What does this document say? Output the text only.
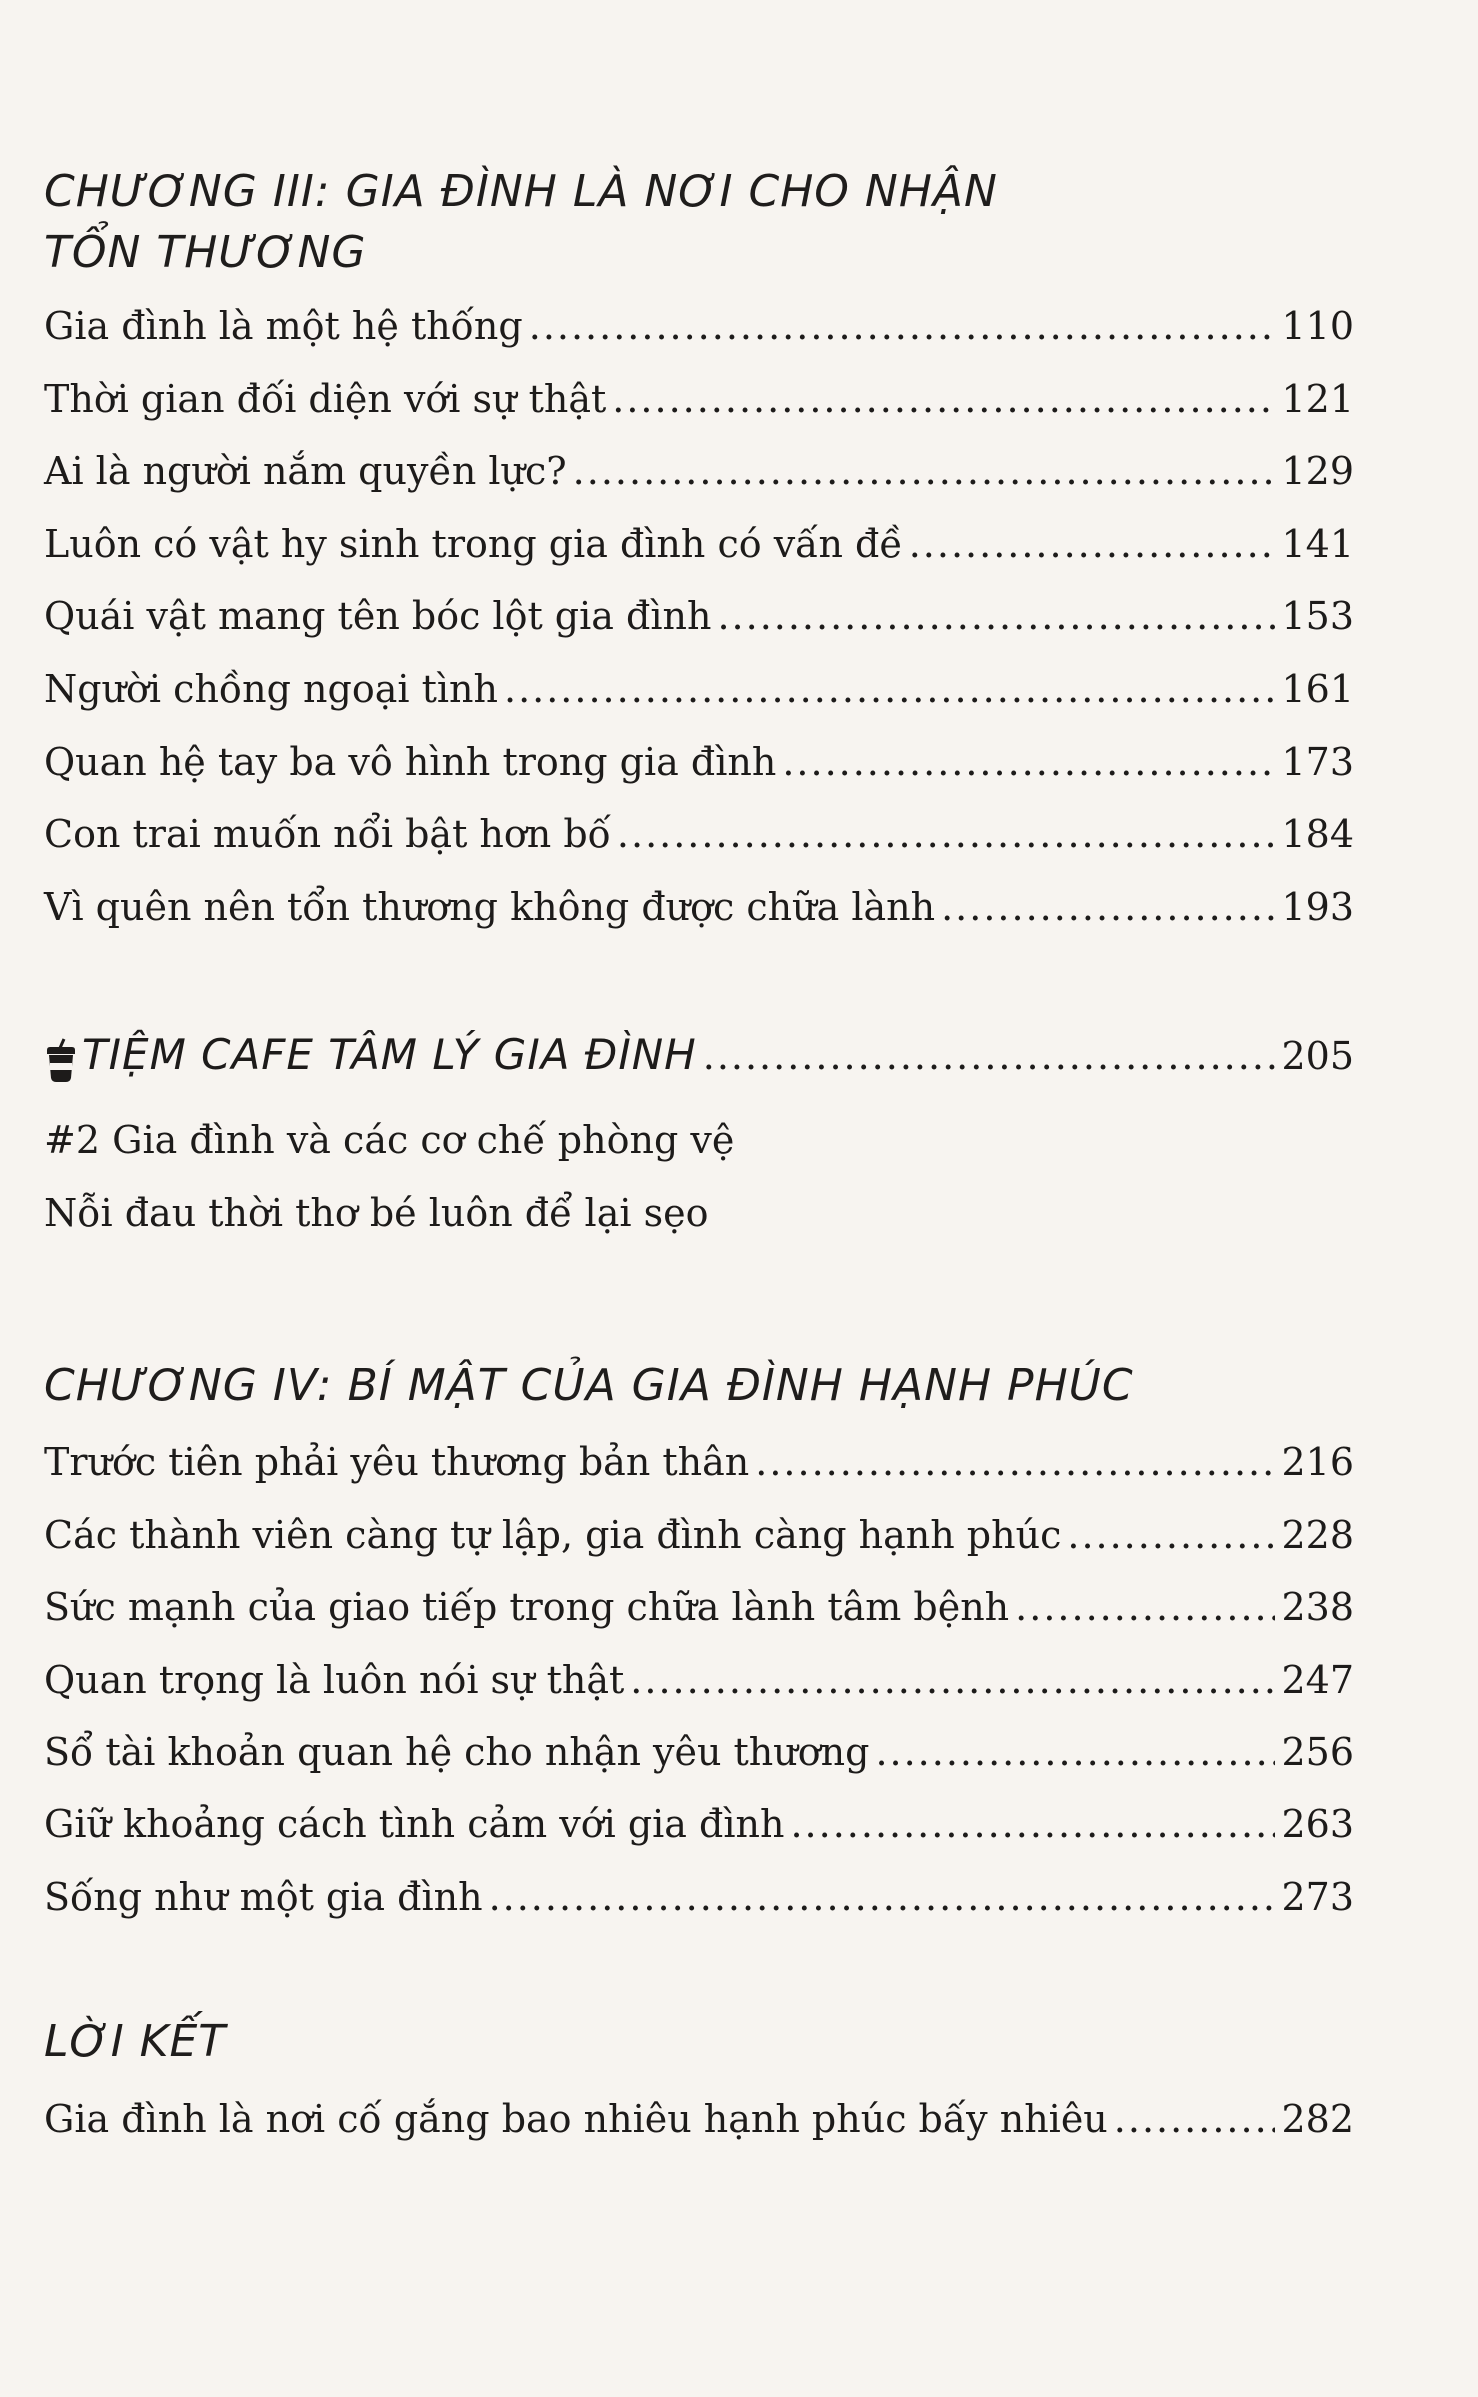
CHƯƠNG III: GIA ĐÌNH LÀ NƠI CHO NHẬN
TỔN THƯƠNG
Gia đình là một hệ thống .....	110
Thời gian đối diện với sự thật .....	121
Ai là người nắm quyền lực? .....	129
Luôn có vật hy sinh trong gia đình có vấn đề .....	141
Quái vật mang tên bóc lột gia đình .....	153
Người chồng ngoại tình .....	161
Quan hệ tay ba vô hình trong gia đình .....	173
Con trai muốn nổi bật hơn bố .....	184
Vì quên nên tổn thương không được chữa lành .....	193
TIỆM CAFE TÂM LÝ GIA ĐÌNH .....	205
#2 Gia đình và các cơ chế phòng vệ
Nỗi đau thời thơ bé luôn để lại sẹo
CHƯƠNG IV: BÍ MẬT CỦA GIA ĐÌNH HẠNH PHÚC
Trước tiên phải yêu thương bản thân .....	216
Các thành viên càng tự lập, gia đình càng hạnh phúc .....	228
Sức mạnh của giao tiếp trong chữa lành tâm bệnh .....	238
Quan trọng là luôn nói sự thật .....	247
Sổ tài khoản quan hệ cho nhận yêu thương .....	256
Giữ khoảng cách tình cảm với gia đình .....	263
Sống như một gia đình .....	273
LỜI KẾT
Gia đình là nơi cố gắng bao nhiêu hạnh phúc bấy nhiêu .....	282
